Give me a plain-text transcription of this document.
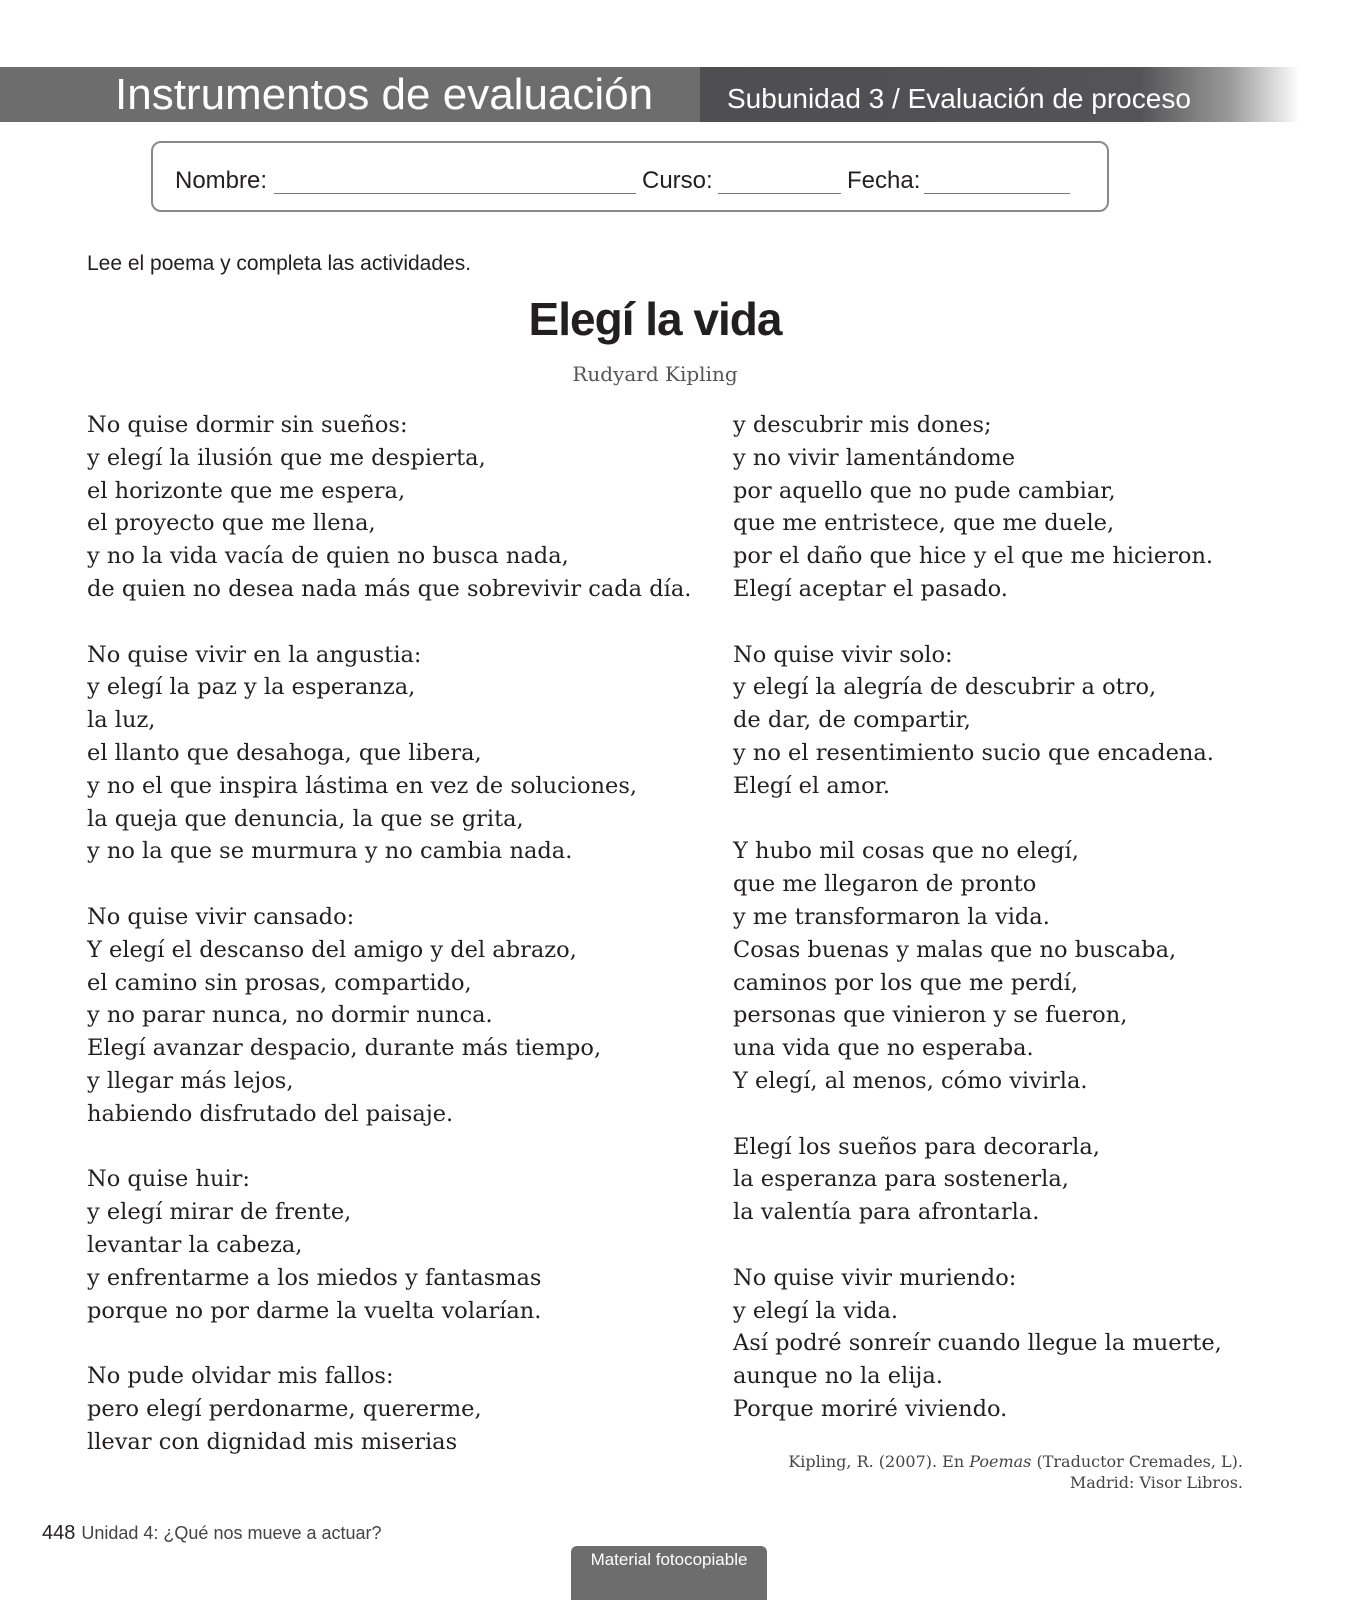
Instrumentos de evaluación	Subunidad 3 / Evaluación de proceso
Nombre:	Curso:	Fecha:
Lee el poema y completa las actividades.
Elegí la vida
Rudyard Kipling
No quise dormir sin sueños:
y elegí la ilusión que me despierta,
el horizonte que me espera,
el proyecto que me llena,
y no la vida vacía de quien no busca nada,
de quien no desea nada más que sobrevivir cada día.
No quise vivir en la angustia:
y elegí la paz y la esperanza,
la luz,
el llanto que desahoga, que libera,
y no el que inspira lástima en vez de soluciones,
la queja que denuncia, la que se grita,
y no la que se murmura y no cambia nada.
No quise vivir cansado:
Y elegí el descanso del amigo y del abrazo,
el camino sin prosas, compartido,
y no parar nunca, no dormir nunca.
Elegí avanzar despacio, durante más tiempo,
y llegar más lejos,
habiendo disfrutado del paisaje.
No quise huir:
y elegí mirar de frente,
levantar la cabeza,
y enfrentarme a los miedos y fantasmas
porque no por darme la vuelta volarían.
No pude olvidar mis fallos:
pero elegí perdonarme, quererme,
llevar con dignidad mis miserias
y descubrir mis dones;
y no vivir lamentándome
por aquello que no pude cambiar,
que me entristece, que me duele,
por el daño que hice y el que me hicieron.
Elegí aceptar el pasado.
No quise vivir solo:
y elegí la alegría de descubrir a otro,
de dar, de compartir,
y no el resentimiento sucio que encadena.
Elegí el amor.
Y hubo mil cosas que no elegí,
que me llegaron de pronto
y me transformaron la vida.
Cosas buenas y malas que no buscaba,
caminos por los que me perdí,
personas que vinieron y se fueron,
una vida que no esperaba.
Y elegí, al menos, cómo vivirla.
Elegí los sueños para decorarla,
la esperanza para sostenerla,
la valentía para afrontarla.
No quise vivir muriendo:
y elegí la vida.
Así podré sonreír cuando llegue la muerte,
aunque no la elija.
Porque moriré viviendo.
Kipling, R. (2007). En Poemas (Traductor Cremades, L).
Madrid: Visor Libros.
448 Unidad 4: ¿Qué nos mueve a actuar?
Material fotocopiable
